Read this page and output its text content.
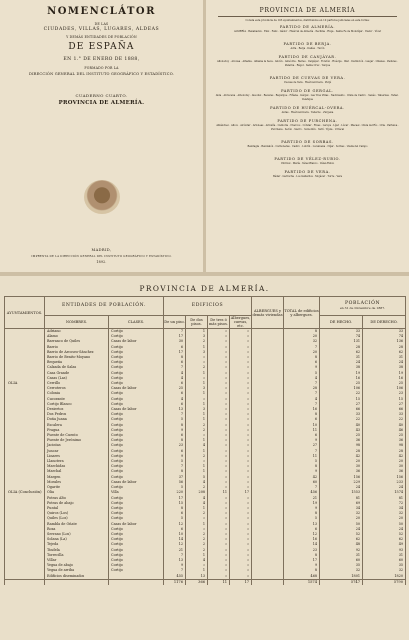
NOMENCLÁTOR
DE LAS
CIUDADES, VILLAS, LUGARES, ALDEAS
Y DEMÁS ENTIDADES DE POBLACIÓN
DE ESPAÑA
EN 1.° DE ENERO DE 1888,
FORMADO POR LA
DIRECCIÓN GENERAL DEL INSTITUTO GEOGRÁFICO Y ESTADÍSTICO.
CUADERNO CUARTO.
PROVINCIA DE ALMERÍA.
MADRID,
IMPRENTA DE LA DIRECCIÓN GENERAL DEL INSTITUTO GEOGRÁFICO Y ESTADÍSTICO.
1892.
PROVINCIA DE ALMERÍA
Consta esta provincia de 103 ayuntamientos, distribuidos en 10 partidos judiciales en esta forma:
PARTIDO DE ALMERÍA.
ALMERÍA · Benahadux · Enix · Felix · Gádor · Huércal de Almería · Pechina · Rioja · Santa Fe de Mondújar · Viator · Vícar
PARTIDO DE BERJA.
Adra · Berja · Dalías · Turón
PARTIDO DE CANJÁYAR.
Alboloduy · Alcolea · Alhabia · Alhama la Seca · Alicún · Almócita · Beires · Canjáyar · Fondón · Huécija · Illar · Instinción · Laujar · Ohanes · Padules · Paterna · Rágol · Santa Cruz · Terque
PARTIDO DE CUEVAS DE VERA.
Cuevas de Vera · Huércal-Overa · Pulpí
PARTIDO DE GERGAL.
Abla · Abrucena · Alboloduy · Alsodux · Bacares · Bayarque · Fiñana · Gérgal · Las Tres Villas · Nacimiento · Olula de Castro · Senés · Tabernas · Tahal · Velefique
PARTIDO DE HUÉRCAL-OVERA.
Antas · Huércal-Overa · Taberno · Zurgena
PARTIDO DE PURCHENA.
Albánchez · Albox · Alcóntar · Arboleas · Armuña · Cantoria · Chercos · Cóbdar · Fines · Laroya · Líjar · Lúcar · Macael · Olula del Río · Oria · Partaloa · Purchena · Serón · Sierro · Somontín · Suflí · Tíjola · Urrácal
PARTIDO DE SORBAS.
Benitagla · Benizalón · Carboneras · Castro · Lubrín · Lucainena · Níjar · Sorbas · Uleila del Campo
PARTIDO DE VÉLEZ-RUBIO.
Chirivel · María · Vélez-Blanco · Vélez-Rubio
PARTIDO DE VERA.
Bédar · Garrucha · Los Gallardos · Mojácar · Turre · Vera
PROVINCIA DE ALMERÍA.
AYUNTAMIENTOS.	ENTIDADES DE POBLACIÓN.		EDIFICIOS				ALBERGUES y demás viviendas	TOTAL de edificios y albergues.	POBLACIÓN
en 31 de Diciembre de 1887.	

	NOMBRES.	CLASES.	De un piso.	De dos pisos.	De tres ó más pisos.	Albergues, cuevas, etc.			DE HECHO.	DE DERECHO.

	Adriano	Cortijo	7	1	»	»		8	33	33
	Alamo	Cortijo	17	3	»	»		20	74	74
	Barranco de Quiles	Casas de labor	30	2	»	»		32	131	136
	Barrio	Cortijo	6	1	»	»		7	28	28
	Barrio de Arcoseo-Sánchez	Cortijo	17	3	»	»		20	62	62
	Barrio de Benito-Moyano	Cortijo	8	»	»	»		8	31	31
	Bequeña	Cortijo	6	»	»	»		6	24	24
	Calzada de Salas	Cortijo	7	2	»	»		9	38	38
	Casa Grande	Cortijo	4	1	»	»		5	19	19
	Casas (Las)	Cortijo	4	»	»	»		4	16	16
OLIA	Cerrillo	Cortijo	6	1	»	»		7	25	25
	Cerroteros	Casas de labor	25	3	»	»		28	106	106
	Colonia	Cortijo	6	1	»	»		7	22	23
	Cucorante	Cortijo	4	»	»	»		4	15	15
	Cortijo Blanco	Cortijo	6	1	»	»		7	27	27
	Desiertos	Casas de labor	13	3	»	»		16	66	66
	Dos Pedros	Cortijo	7	1	»	»		8	33	33
	Doña Juana	Cortijo	5	1	»	»		6	22	22
	Escalera	Cortijo	8	2	»	»		10	40	40
	Fragua	Cortijo	9	2	»	»		11	43	46
	Fuente de Cuento	Cortijo	6	»	»	»		6	25	25
	Fuente de Jerónimo	Cortijo	8	1	»	»		9	36	36
	Jacintas	Cortijo	23	4	»	»		27	98	98
	Juncar	Cortijo	6	1	»	»		7	28	28
	Linares	Cortijo	9	2	»	»		11	42	42
	Llanotera	Cortijo	5	»	»	»		5	20	20
	Marchidas	Cortijo	7	1	»	»		8	30	30
	Marchal	Cortijo	8	1	»	»		9	36	36
	Margen	Cortijo	37	5	»	»		42	156	156
	Morales	Casas de labor	56	4	»	»		60	229	233
	Ogarite	Cortijo	5	2	»	»		7	24	24
OLIA (Conclusión)	Olia	Villa	220	208	11	17		456	1553	1574
	Potras Alto	Cortijo	17	4	»	»		21	81	81
	Potras de abajo	Cortijo	15	4	»	»		19	69	72
	Puntal	Cortijo	8	1	»	»		9	34	34
	Quiros (Los)	Cortijo	6	2	»	»		8	32	32
	Quiles (Los)	Cortijo	5	»	»	»		5	20	20
	Rambla de Oñate	Casas de labor	12	1	»	»		13	50	50
	Roza	Cortijo	6	»	»	»		6	24	24
	Serrano (Los)	Cortijo	10	2	»	»		12	52	52
	Solana (La)	Cortijo	14	2	»	»		16	62	62
	Tejeda	Cortijo	12	2	»	»		14	48	49
	Tindela	Cortijo	21	2	»	»		23	92	93
	Torrecilla	Cortijo	7	1	»	»		8	31	31
	Villar	Cortijo	13	4	»	»		17	60	60
	Yegua de abajo	Cortijo	9	»	»	»		9	35	35
	Yegua de arriba	Cortijo	7	1	»	»		8	32	32
	Edificios diseminados		455	13	»	»		468	1801	1820
			1176	366	11	17		1574	5747	5790
